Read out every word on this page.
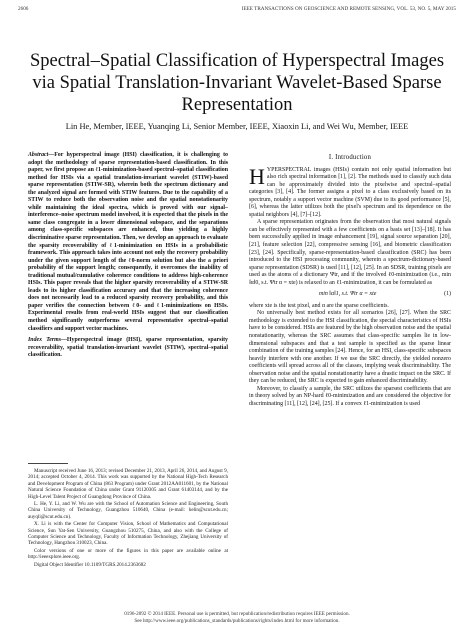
2606	IEEE TRANSACTIONS ON GEOSCIENCE AND REMOTE SENSING, VOL. 53, NO. 5, MAY 2015
Spectral–Spatial Classification of Hyperspectral Images via Spatial Translation-Invariant Wavelet-Based Sparse Representation
Lin He, Member, IEEE, Yuanqing Li, Senior Member, IEEE, Xiaoxin Li, and Wei Wu, Member, IEEE

Abstract—For hyperspectral image (HSI) classification, it is challenging to adopt the methodology of sparse representation-based classification. In this paper, we first propose an ℓ1-minimization-based spectral–spatial classification method for HSIs via a spatial translation-invariant wavelet (STIW)-based sparse representation (STIW-SR), wherein both the spectrum dictionary and the analyzed signal are formed with STIW features. Due to the capability of a STIW to reduce both the observation noise and the spatial nonstationarity while maintaining the ideal spectra, which is proved with our signal–interference–noise spectrum model involved, it is expected that the pixels in the same class congregate in a lower dimensional subspace, and the separations among class-specific subspaces are enhanced, thus yielding a highly discriminative sparse representation. Then, we develop an approach to evaluate the sparsity recoverability of ℓ1-minimization on HSIs in a probabilistic framework. This approach takes into account not only the recovery probability under the given support length of the ℓ0-norm solution but also the a priori probability of the support length; consequently, it overcomes the inability of traditional mutual/cumulative coherence conditions to address high-coherence HSIs. This paper reveals that the higher sparsity recoverability of a STIW-SR leads to its higher classification accuracy and that the increasing coherence does not necessarily lead to a reduced sparsity recovery probability, and this paper verifies the connection between ℓ0- and ℓ1-minimizations on HSIs. Experimental results from real-world HSIs suggest that our classification method significantly outperforms several representative spectral–spatial classifiers and support vector machines.

Index Terms—Hyperspectral image (HSI), sparse representation, sparsity recoverability, spatial translation-invariant wavelet (STIW), spectral–spatial classification.

Manuscript received June 16, 2013; revised December 21, 2013, April 26, 2014, and August 9, 2014; accepted October 4, 2014. This work was supported by the National High-Tech Research and Development Program of China (863 Program) under Grant 2012AA011601, by the National Natural Science Foundation of China under Grant 91120305 and Grant 61403144, and by the High-Level Talent Project of Guangdong Province of China.

L. He, Y. Li, and W. Wu are with the School of Automation Science and Engineering, South China University of Technology, Guangzhou 510640, China (e-mail: helin@scut.edu.cn; auyqli@scut.edu.cn).

X. Li is with the Center for Computer Vision, School of Mathematics and Computational Science, Sun Yat-Sen University, Guangzhou 510275, China, and also with the College of Computer Science and Technology, Faculty of Information Technology, Zhejiang University of Technology, Hangzhou 310023, China.

Color versions of one or more of the figures in this paper are available online at http://ieeexplore.ieee.org.

Digital Object Identifier 10.1109/TGRS.2014.2363682

I. Introduction

HYPERSPECTRAL images (HSIs) contain not only spatial information but also rich spectral information [1], [2]. The methods used to classify such data can be approximately divided into the pixelwise and spectral–spatial categories [3], [4]. The former assigns a pixel to a class exclusively based on its spectrum, notably a support vector machine (SVM) due to its good performance [5], [6], whereas the latter utilizes both the pixel's spectrum and its dependence on the spatial neighbors [4], [7]–[12].

A sparse representation originates from the observation that most natural signals can be effectively represented with a few coefficients on a basis set [13]–[18]. It has been successfully applied in image enhancement [19], signal source separation [20], [21], feature selection [22], compressive sensing [16], and biometric classification [23], [24]. Specifically, sparse-representation-based classification (SRC) has been introduced to the HSI processing community, wherein a spectrum-dictionary-based sparse representation (SDSR) is used [11], [12], [25]. In an SDSR, training pixels are used as the atoms of a dictionary Ψtr, and if the involved ℓ0-minimization (i.e., min ‖α‖0, s.t. Ψtr α = xte) is relaxed to an ℓ1-minimization, it can be formulated as

min ‖α‖1, s.t. Ψtr α = xte	(1)

where xte is the test pixel, and α are the sparse coefficients.

No universally best method exists for all scenarios [26], [27]. When the SRC methodology is extended to the HSI classification, the special characteristics of HSIs have to be considered. HSIs are featured by the high observation noise and the spatial nonstationarity, whereas the SRC assumes that class-specific samples lie in low-dimensional subspaces and that a test sample is specified as the sparse linear combination of the training samples [24]. Hence, for an HSI, class-specific subspaces heavily interfere with one another. If we use the SRC directly, the yielded nonzero coefficients will spread across all of the classes, implying weak discriminability. The observation noise and the spatial nonstationarity have a drastic impact on the SRC. If they can be reduced, the SRC is expected to gain enhanced discriminability.

Moreover, to classify a sample, the SRC utilizes the sparsest coefficients that are in theory solved by an NP-hard ℓ0-minimization and are considered the objective for discriminating [11], [12], [24], [25]. If a convex ℓ1-minimization is used

0196-2892 © 2014 IEEE. Personal use is permitted, but republication/redistribution requires IEEE permission.
See http://www.ieee.org/publications_standards/publications/rights/index.html for more information.
